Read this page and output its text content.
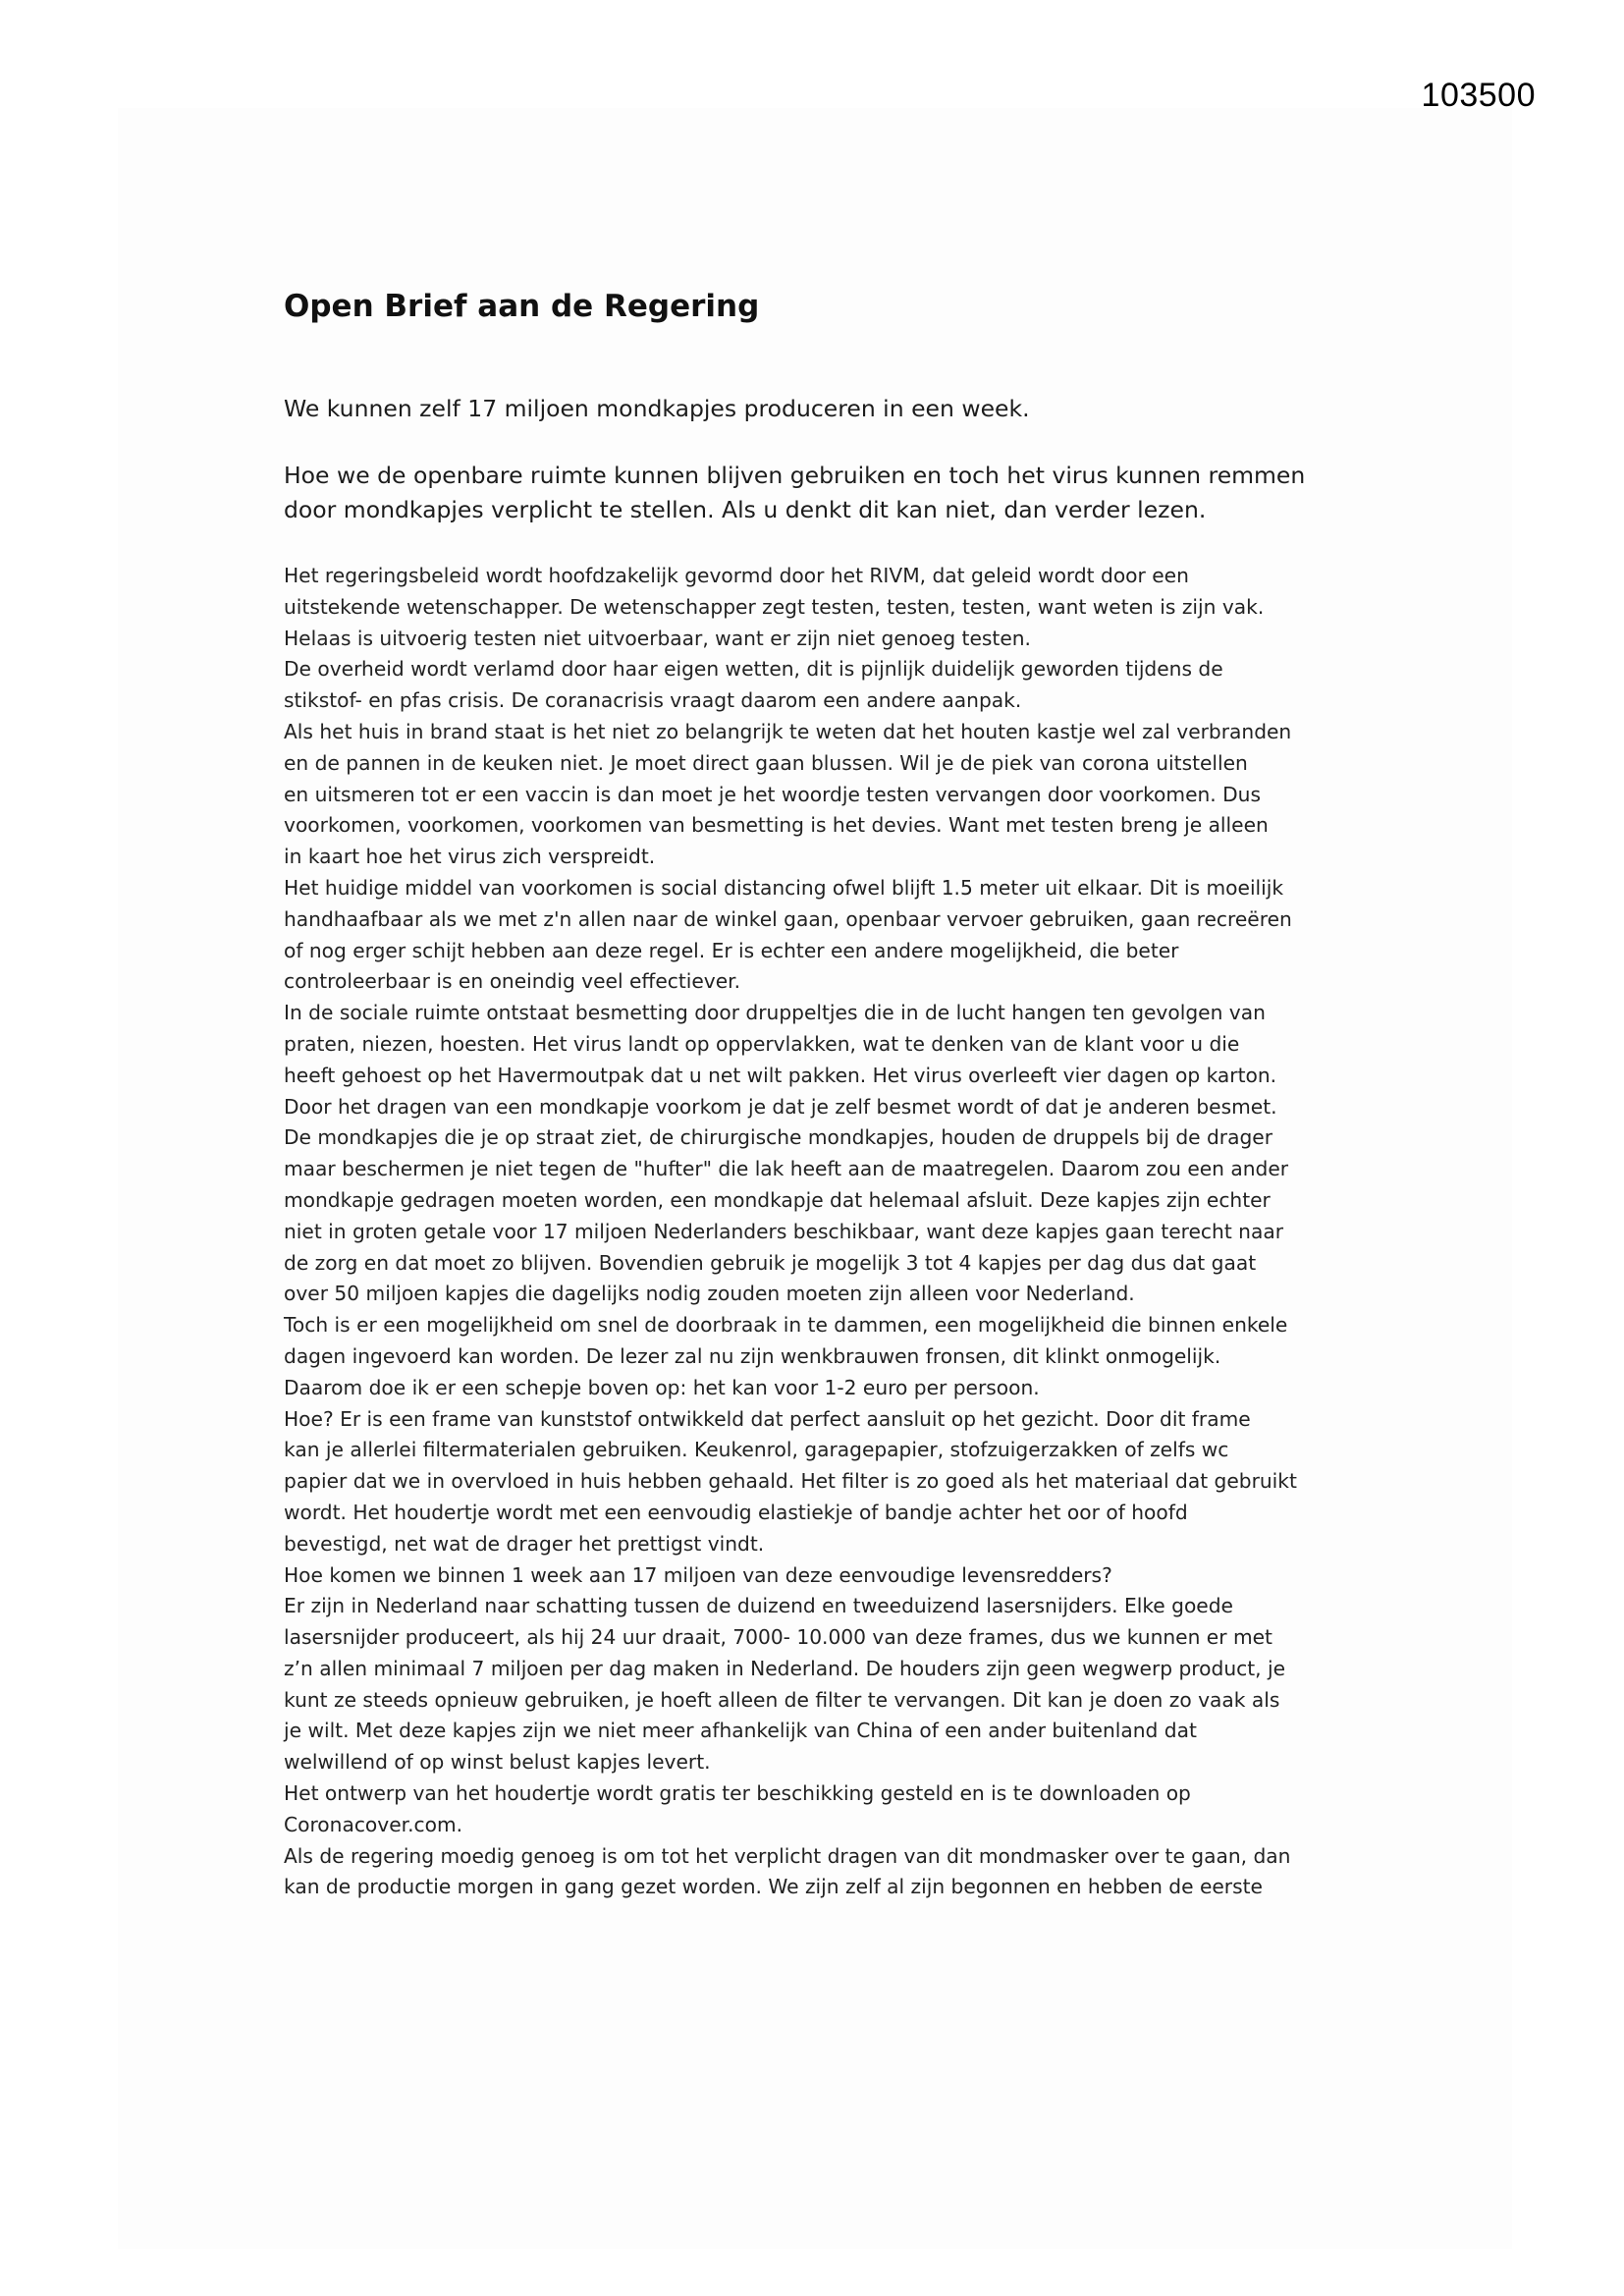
103500
Open Brief aan de Regering

We kunnen zelf 17 miljoen mondkapjes produceren in een week.

Hoe we de openbare ruimte kunnen blijven gebruiken en toch het virus kunnen remmen

door mondkapjes verplicht te stellen. Als u denkt dit kan niet, dan verder lezen.

Het regeringsbeleid wordt hoofdzakelijk gevormd door het RIVM, dat geleid wordt door een

uitstekende wetenschapper. De wetenschapper zegt testen, testen, testen, want weten is zijn vak.

Helaas is uitvoerig testen niet uitvoerbaar, want er zijn niet genoeg testen.

De overheid wordt verlamd door haar eigen wetten, dit is pijnlijk duidelijk geworden tijdens de

stikstof- en pfas crisis. De coranacrisis vraagt daarom een andere aanpak.

Als het huis in brand staat is het niet zo belangrijk te weten dat het houten kastje wel zal verbranden

en de pannen in de keuken niet. Je moet direct gaan blussen. Wil je de piek van corona uitstellen

en uitsmeren tot er een vaccin is dan moet je het woordje testen vervangen door voorkomen. Dus

voorkomen, voorkomen, voorkomen van besmetting is het devies. Want met testen breng je alleen

in kaart hoe het virus zich verspreidt.

Het huidige middel van voorkomen is social distancing ofwel blijft 1.5 meter uit elkaar. Dit is moeilijk

handhaafbaar als we met z'n allen naar de winkel gaan, openbaar vervoer gebruiken, gaan recreëren

of nog erger schijt hebben aan deze regel. Er is echter een andere mogelijkheid, die beter

controleerbaar is en oneindig veel effectiever.

In de sociale ruimte ontstaat besmetting door druppeltjes die in de lucht hangen ten gevolgen van

praten, niezen, hoesten. Het virus landt op oppervlakken, wat te denken van de klant voor u die

heeft gehoest op het Havermoutpak dat u net wilt pakken. Het virus overleeft vier dagen op karton.

Door het dragen van een mondkapje voorkom je dat je zelf besmet wordt of dat je anderen besmet.

De mondkapjes die je op straat ziet, de chirurgische mondkapjes, houden de druppels bij de drager

maar beschermen je niet tegen de "hufter" die lak heeft aan de maatregelen. Daarom zou een ander

mondkapje gedragen moeten worden, een mondkapje dat helemaal afsluit. Deze kapjes zijn echter

niet in groten getale voor 17 miljoen Nederlanders beschikbaar, want deze kapjes gaan terecht naar

de zorg en dat moet zo blijven. Bovendien gebruik je mogelijk 3 tot 4 kapjes per dag dus dat gaat

over 50 miljoen kapjes die dagelijks nodig zouden moeten zijn alleen voor Nederland.

Toch is er een mogelijkheid om snel de doorbraak in te dammen, een mogelijkheid die binnen enkele

dagen ingevoerd kan worden. De lezer zal nu zijn wenkbrauwen fronsen, dit klinkt onmogelijk.

Daarom doe ik er een schepje boven op: het kan voor 1-2 euro per persoon.

Hoe? Er is een frame van kunststof ontwikkeld dat perfect aansluit op het gezicht. Door dit frame

kan je allerlei filtermaterialen gebruiken. Keukenrol, garagepapier, stofzuigerzakken of zelfs wc

papier dat we in overvloed in huis hebben gehaald. Het filter is zo goed als het materiaal dat gebruikt

wordt. Het houdertje wordt met een eenvoudig elastiekje of bandje achter het oor of hoofd

bevestigd, net wat de drager het prettigst vindt.

Hoe komen we binnen 1 week aan 17 miljoen van deze eenvoudige levensredders?

Er zijn in Nederland naar schatting tussen de duizend en tweeduizend lasersnijders. Elke goede

lasersnijder produceert, als hij 24 uur draait, 7000- 10.000 van deze frames, dus we kunnen er met

z’n allen minimaal 7 miljoen per dag maken in Nederland. De houders zijn geen wegwerp product, je

kunt ze steeds opnieuw gebruiken, je hoeft alleen de filter te vervangen. Dit kan je doen zo vaak als

je wilt. Met deze kapjes zijn we niet meer afhankelijk van China of een ander buitenland dat

welwillend of op winst belust kapjes levert.

Het ontwerp van het houdertje wordt gratis ter beschikking gesteld en is te downloaden op

Coronacover.com.

Als de regering moedig genoeg is om tot het verplicht dragen van dit mondmasker over te gaan, dan

kan de productie morgen in gang gezet worden. We zijn zelf al zijn begonnen en hebben de eerste
